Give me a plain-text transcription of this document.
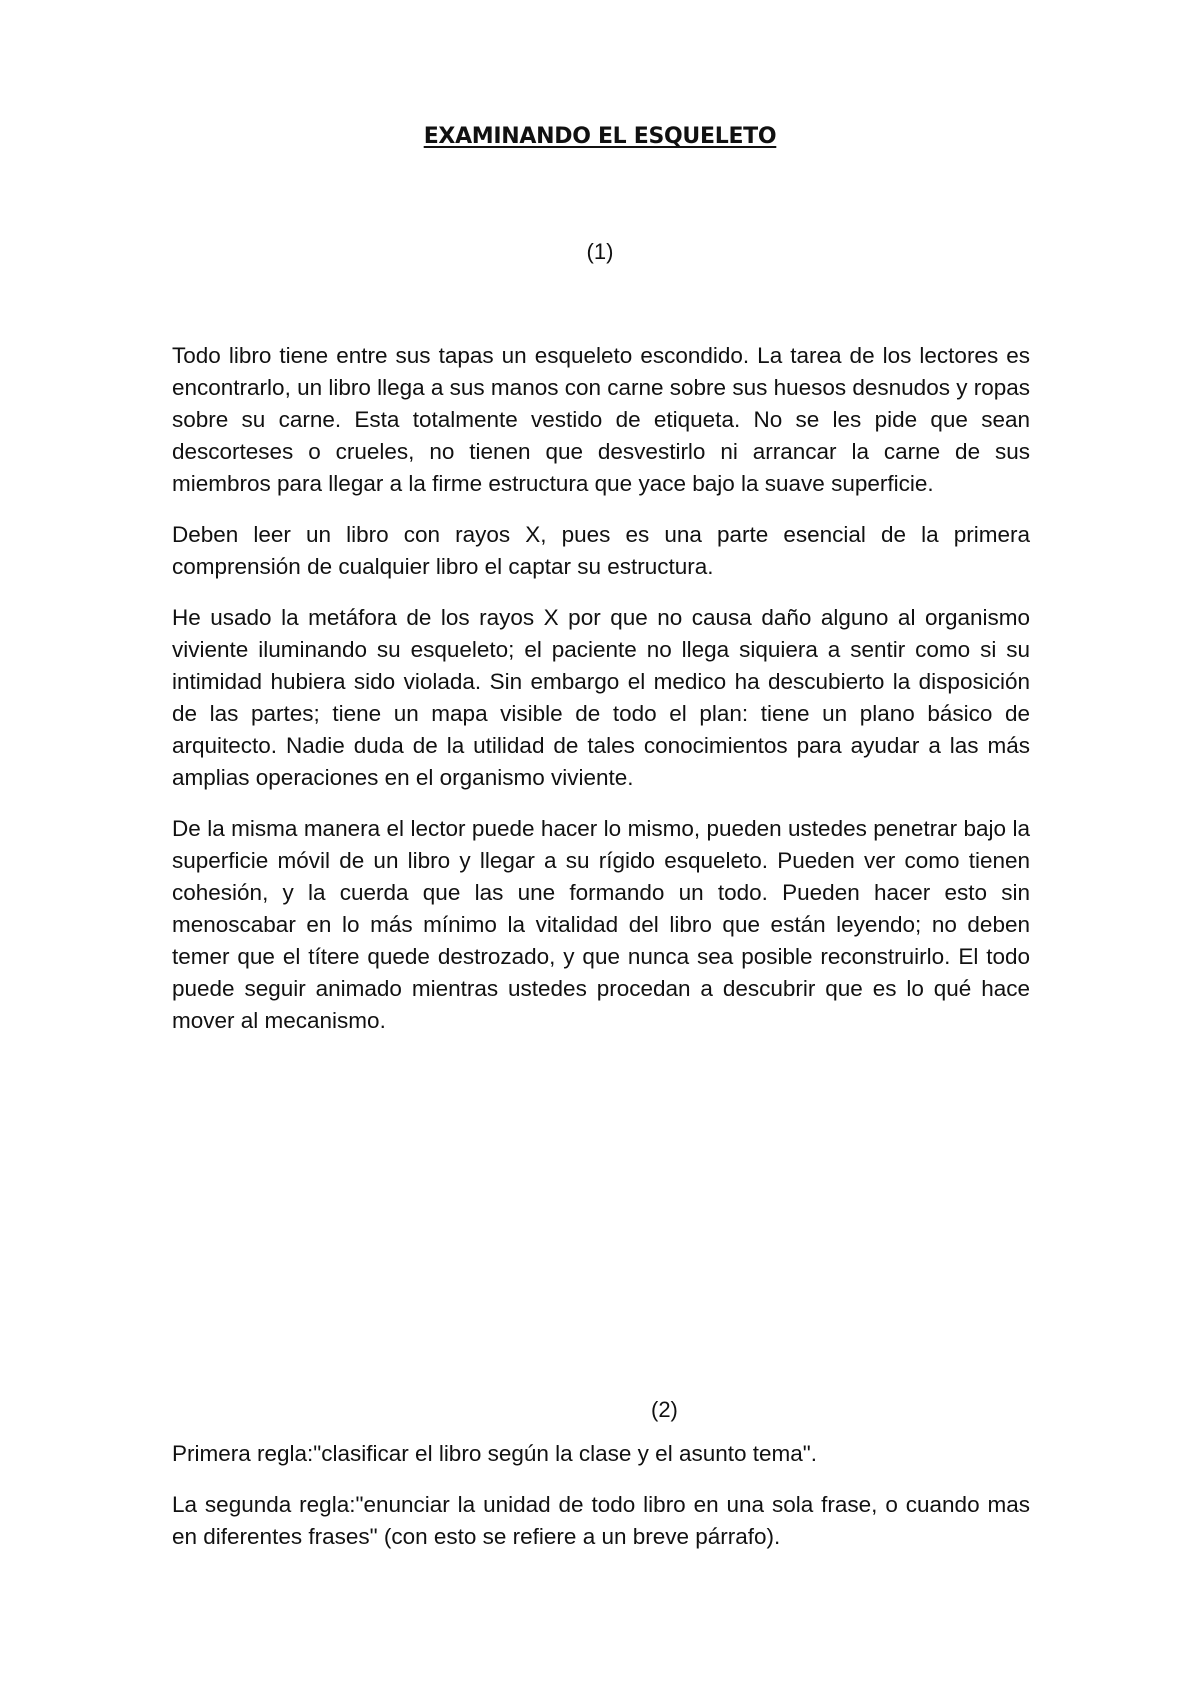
EXAMINANDO EL ESQUELETO
(1)

Todo libro tiene entre sus tapas un esqueleto escondido. La tarea de los lectores es encontrarlo, un libro llega a sus manos con carne sobre sus huesos desnudos y ropas sobre su carne. Esta totalmente vestido de etiqueta. No se les pide que sean descorteses o crueles, no tienen que desvestirlo ni arrancar la carne de sus miembros para llegar a la firme estructura que yace bajo la suave superficie.

Deben leer un libro con rayos X, pues es una parte esencial de la primera comprensión de cualquier libro el captar su estructura.

He usado la metáfora de los rayos X por que no causa daño alguno al organismo viviente iluminando su esqueleto; el paciente no llega siquiera a sentir como si su intimidad hubiera sido violada. Sin embargo el medico ha descubierto la disposición de las partes; tiene un mapa visible de todo el plan: tiene un plano básico de arquitecto. Nadie duda de la utilidad de tales conocimientos para ayudar a las más amplias operaciones en el organismo viviente.

De la misma manera el lector puede hacer lo mismo, pueden ustedes penetrar bajo la superficie móvil de un libro y llegar a su rígido esqueleto. Pueden ver como tienen cohesión, y la cuerda que las une formando un todo. Pueden hacer esto sin menoscabar en lo más mínimo la vitalidad del libro que están leyendo; no deben temer que el títere quede destrozado, y que nunca sea posible reconstruirlo. El todo puede seguir animado mientras ustedes procedan a descubrir que es lo qué hace mover al mecanismo.

(2)

Primera regla:"clasificar el libro según la clase y el asunto tema".

La segunda regla:"enunciar la unidad de todo libro en una sola frase, o cuando mas en diferentes frases" (con esto se refiere a un breve párrafo).
